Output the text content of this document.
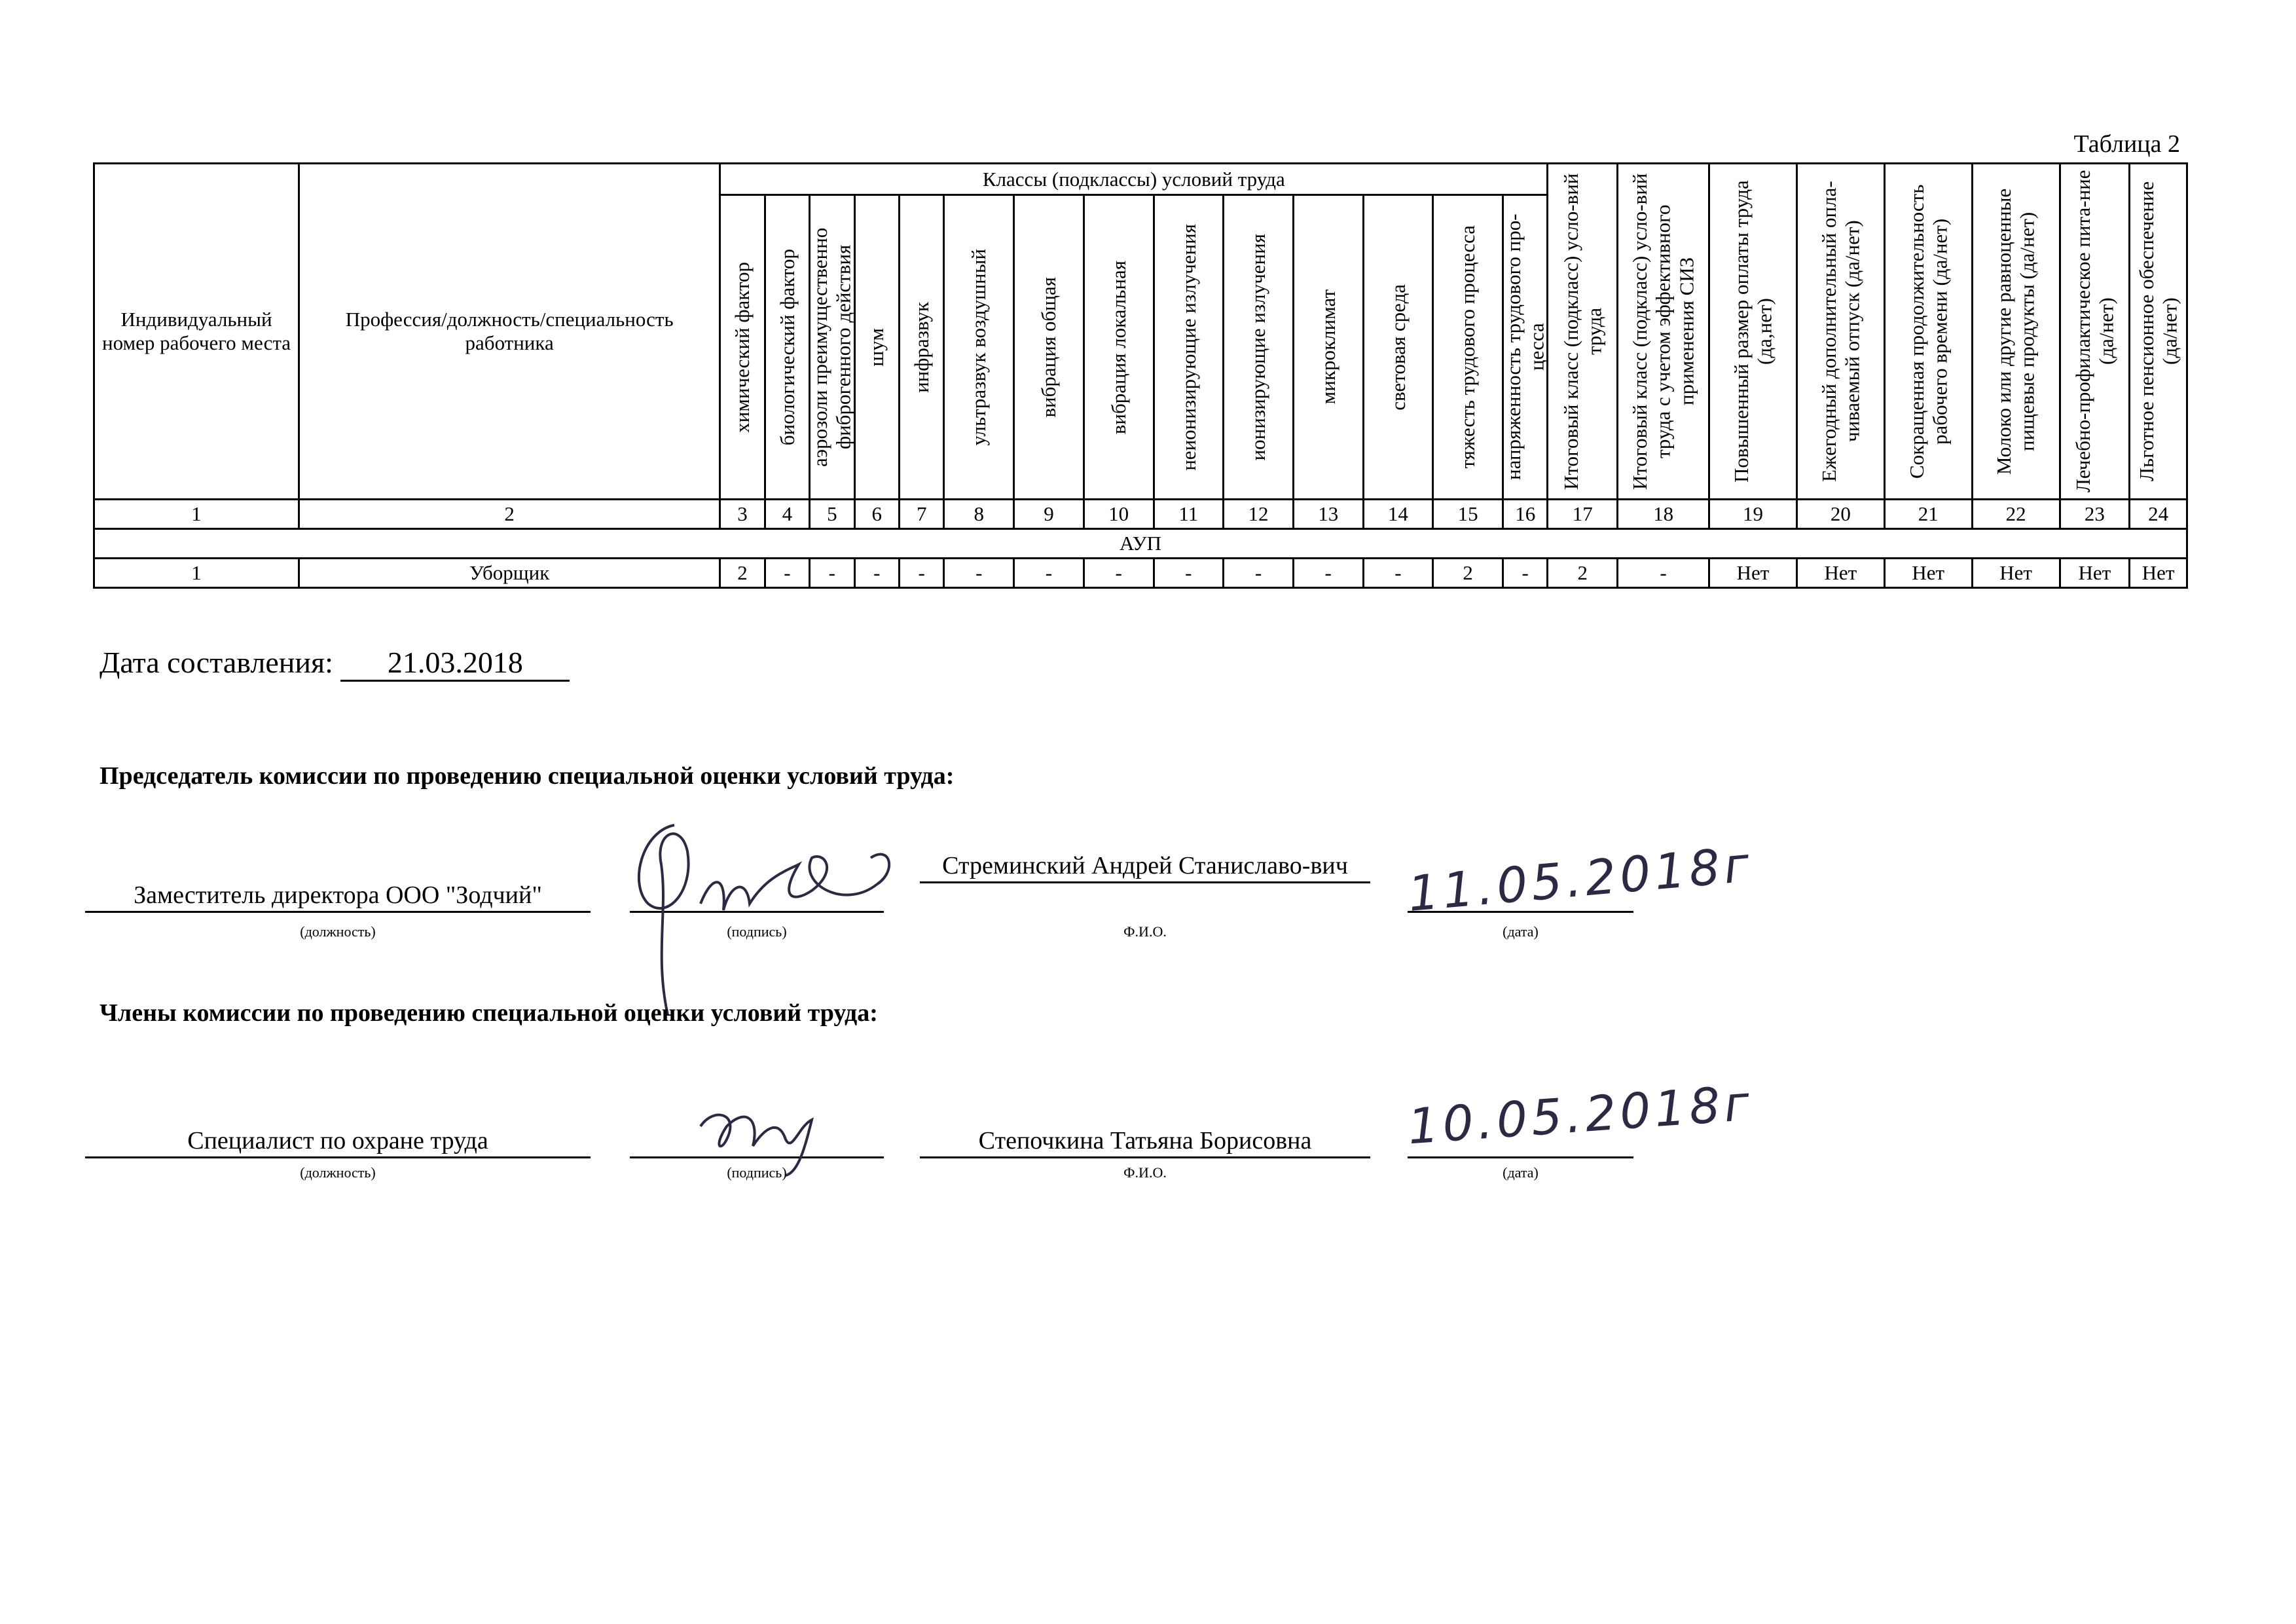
Таблица 2
Индивидуальный номер рабочего места	Профессия/должность/специальность работника	Классы (подклассы) условий труда														Итоговый класс (подкласс) усло-вий труда	Итоговый класс (подкласс) усло-вий труда с учетом эффективного применения СИЗ	Повышенный размер оплаты труда (да,нет)	Ежегодный дополнительный опла-чиваемый отпуск (да/нет)	Сокращенная продолжительность рабочего времени (да/нет)	Молоко или другие равноценные пищевые продукты (да/нет)	Лечебно-профилактическое пита-ние (да/нет)	Льготное пенсионное обеспечение (да/нет)

		химический фактор	биологический фактор	аэрозоли преимущественно фиброгенного действия	шум	инфразвук	ультразвук воздушный	вибрация общая	вибрация локальная	неионизирующие излучения	ионизирующие излучения	микроклимат	световая среда	тяжесть трудового процесса	напряженность трудового про-цесса								

1	2	3	4	5	6	7	8	9	10	11	12	13	14	15	16	17	18	19	20	21	22	23	24
АУП																							
1	Уборщик	2	-	-	-	-	-	-	-	-	-	-	-	2	-	2	-	Нет	Нет	Нет	Нет	Нет	Нет
Дата составления: 21.03.2018
Председатель комиссии по проведению специальной оценки условий труда:
Заместитель директора ООО "Зодчий"
(должность)	(подпись)
Стреминский Андрей Станиславо-вич
Ф.И.О.
11.05.2018г
(дата)
Члены комиссии по проведению специальной оценки условий труда:
Специалист по охране труда
(должность)	(подпись)
Степочкина Татьяна Борисовна
Ф.И.О.
10.05.2018г
(дата)
